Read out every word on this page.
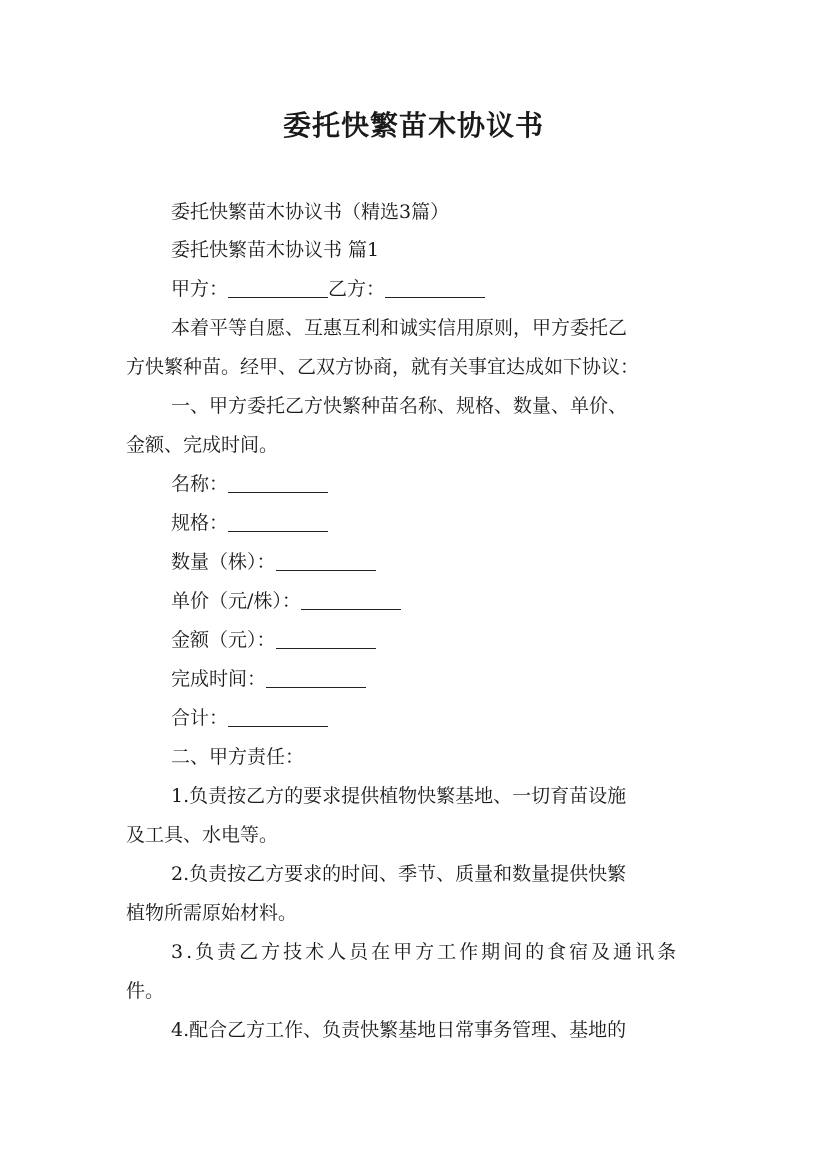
委托快繁苗木协议书

委托快繁苗木协议书（精选3篇）

委托快繁苗木协议书 篇1

甲方：	乙方：

本着平等自愿、互惠互利和诚实信用原则，甲方委托乙

方快繁种苗。经甲、乙双方协商，就有关事宜达成如下协议：

一、甲方委托乙方快繁种苗名称、规格、数量、单价、

金额、完成时间。

名称：

规格：

数量（株）：

单价（元/株）：

金额（元）：

完成时间：

合计：

二、甲方责任：

1.负责按乙方的要求提供植物快繁基地、一切育苗设施

及工具、水电等。

2.负责按乙方要求的时间、季节、质量和数量提供快繁

植物所需原始材料。

3.负责乙方技术人员在甲方工作期间的食宿及通讯条

件。

4.配合乙方工作、负责快繁基地日常事务管理、基地的
